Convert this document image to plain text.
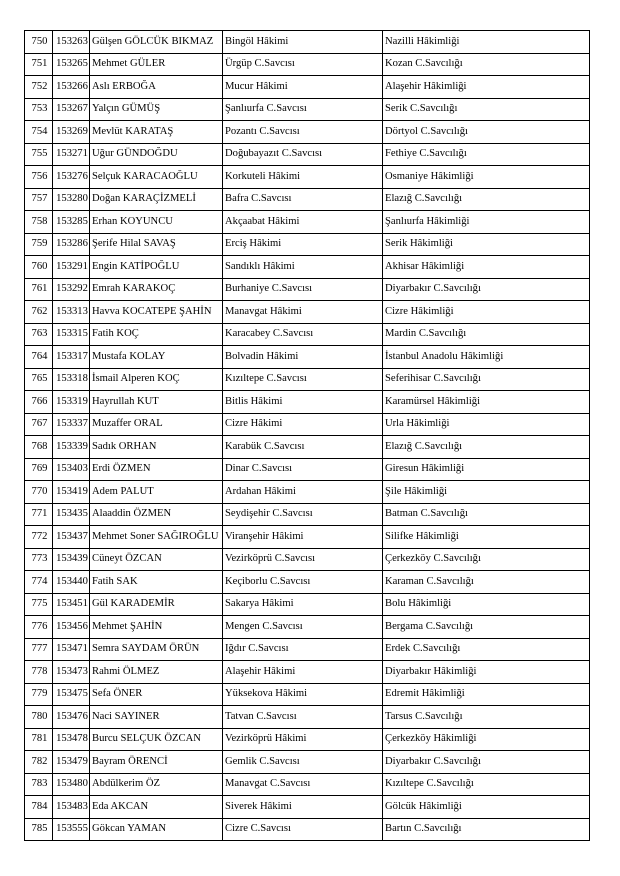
750	153263	Gülşen GÖLCÜK BIKMAZ	Bingöl Hâkimi	Nazilli Hâkimliği
751	153265	Mehmet GÜLER	Ürgüp C.Savcısı	Kozan C.Savcılığı
752	153266	Aslı ERBOĞA	Mucur Hâkimi	Alaşehir Hâkimliği
753	153267	Yalçın GÜMÜŞ	Şanlıurfa C.Savcısı	Serik C.Savcılığı
754	153269	Mevlüt KARATAŞ	Pozantı C.Savcısı	Dörtyol C.Savcılığı
755	153271	Uğur GÜNDOĞDU	Doğubayazıt C.Savcısı	Fethiye C.Savcılığı
756	153276	Selçuk KARACAOĞLU	Korkuteli Hâkimi	Osmaniye Hâkimliği
757	153280	Doğan KARAÇİZMELİ	Bafra C.Savcısı	Elazığ C.Savcılığı
758	153285	Erhan KOYUNCU	Akçaabat Hâkimi	Şanlıurfa Hâkimliği
759	153286	Şerife Hilal SAVAŞ	Erciş Hâkimi	Serik Hâkimliği
760	153291	Engin KATİPOĞLU	Sandıklı Hâkimi	Akhisar Hâkimliği
761	153292	Emrah KARAKOÇ	Burhaniye C.Savcısı	Diyarbakır C.Savcılığı
762	153313	Havva KOCATEPE ŞAHİN	Manavgat Hâkimi	Cizre Hâkimliği
763	153315	Fatih KOÇ	Karacabey C.Savcısı	Mardin C.Savcılığı
764	153317	Mustafa KOLAY	Bolvadin Hâkimi	İstanbul Anadolu Hâkimliği
765	153318	İsmail Alperen KOÇ	Kızıltepe C.Savcısı	Seferihisar C.Savcılığı
766	153319	Hayrullah KUT	Bitlis Hâkimi	Karamürsel Hâkimliği
767	153337	Muzaffer ORAL	Cizre Hâkimi	Urla Hâkimliği
768	153339	Sadık ORHAN	Karabük C.Savcısı	Elazığ C.Savcılığı
769	153403	Erdi ÖZMEN	Dinar C.Savcısı	Giresun Hâkimliği
770	153419	Adem PALUT	Ardahan Hâkimi	Şile Hâkimliği
771	153435	Alaaddin ÖZMEN	Seydişehir C.Savcısı	Batman C.Savcılığı
772	153437	Mehmet Soner SAĞIROĞLU	Viranşehir Hâkimi	Silifke Hâkimliği
773	153439	Cüneyt ÖZCAN	Vezirköprü C.Savcısı	Çerkezköy C.Savcılığı
774	153440	Fatih SAK	Keçiborlu C.Savcısı	Karaman C.Savcılığı
775	153451	Gül KARADEMİR	Sakarya Hâkimi	Bolu Hâkimliği
776	153456	Mehmet ŞAHİN	Mengen C.Savcısı	Bergama C.Savcılığı
777	153471	Semra SAYDAM ÖRÜN	Iğdır C.Savcısı	Erdek C.Savcılığı
778	153473	Rahmi ÖLMEZ	Alaşehir Hâkimi	Diyarbakır Hâkimliği
779	153475	Sefa ÖNER	Yüksekova Hâkimi	Edremit Hâkimliği
780	153476	Naci SAYINER	Tatvan C.Savcısı	Tarsus C.Savcılığı
781	153478	Burcu SELÇUK ÖZCAN	Vezirköprü Hâkimi	Çerkezköy Hâkimliği
782	153479	Bayram ÖRENCİ	Gemlik C.Savcısı	Diyarbakır C.Savcılığı
783	153480	Abdülkerim ÖZ	Manavgat C.Savcısı	Kızıltepe C.Savcılığı
784	153483	Eda AKCAN	Siverek Hâkimi	Gölcük Hâkimliği
785	153555	Gökcan YAMAN	Cizre C.Savcısı	Bartın C.Savcılığı
